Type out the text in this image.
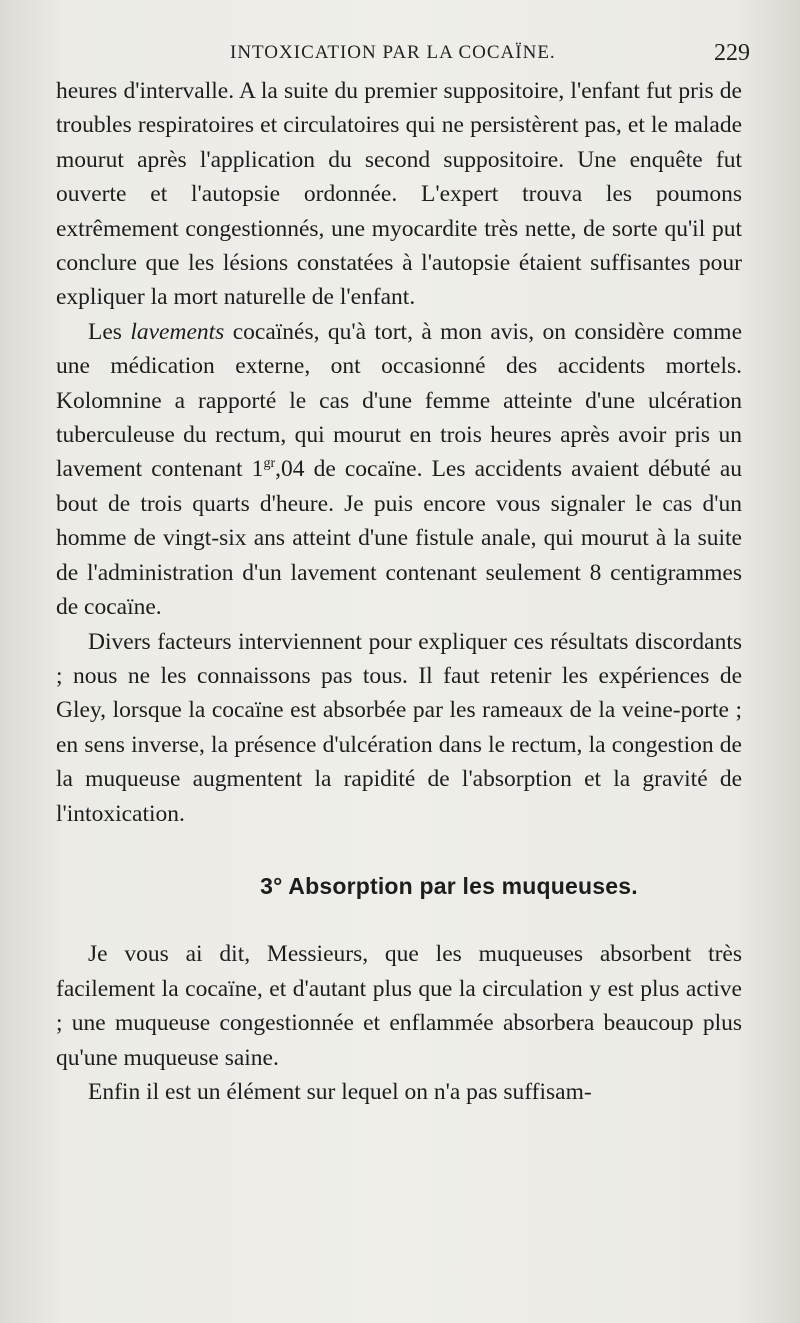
INTOXICATION PAR LA COCAÏNE.	229

heures d'intervalle. A la suite du premier suppositoire, l'enfant fut pris de troubles respiratoires et circulatoires qui ne persistèrent pas, et le malade mourut après l'application du second suppositoire. Une enquête fut ouverte et l'autopsie ordonnée. L'expert trouva les poumons extrêmement congestionnés, une myocardite très nette, de sorte qu'il put conclure que les lésions constatées à l'autopsie étaient suffisantes pour expliquer la mort naturelle de l'enfant.

Les lavements cocaïnés, qu'à tort, à mon avis, on considère comme une médication externe, ont occasionné des accidents mortels. Kolomnine a rapporté le cas d'une femme atteinte d'une ulcération tuberculeuse du rectum, qui mourut en trois heures après avoir pris un lavement contenant $1^{gr},04$ de cocaïne. Les accidents avaient débuté au bout de trois quarts d'heure. Je puis encore vous signaler le cas d'un homme de vingt-six ans atteint d'une fistule anale, qui mourut à la suite de l'administration d'un lavement contenant seulement 8 centigrammes de cocaïne.

Divers facteurs interviennent pour expliquer ces résultats discordants ; nous ne les connaissons pas tous. Il faut retenir les expériences de Gley, lorsque la cocaïne est absorbée par les rameaux de la veine-porte ; en sens inverse, la présence d'ulcération dans le rectum, la congestion de la muqueuse augmentent la rapidité de l'absorption et la gravité de l'intoxication.

3° Absorption par les muqueuses.

Je vous ai dit, Messieurs, que les muqueuses absorbent très facilement la cocaïne, et d'autant plus que la circulation y est plus active ; une muqueuse congestionnée et enflammée absorbera beaucoup plus qu'une muqueuse saine.

Enfin il est un élément sur lequel on n'a pas suffisam-
